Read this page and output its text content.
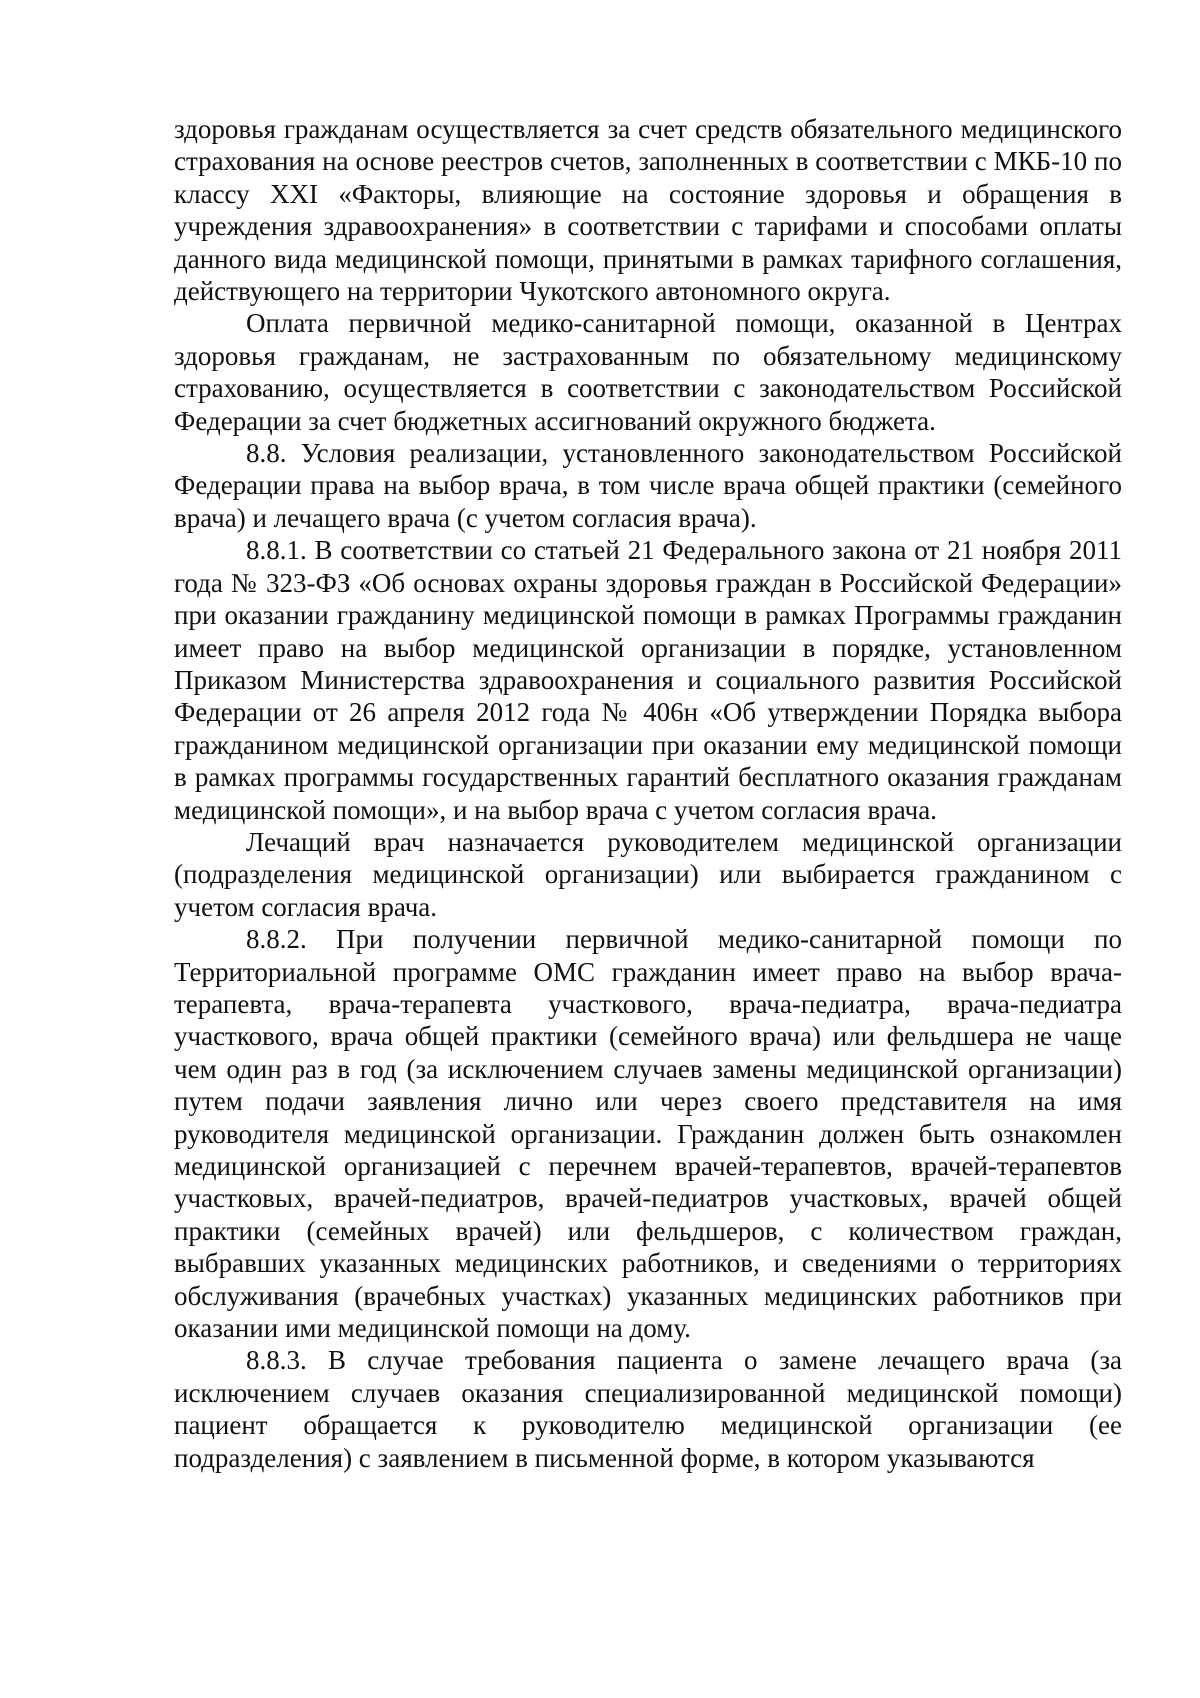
здоровья гражданам осуществляется за счет средств обязательного медицинского страхования на основе реестров счетов, заполненных в соответствии с МКБ-10 по классу XXI «Факторы, влияющие на состояние здоровья и обращения в учреждения здравоохранения» в соответствии с тарифами и способами оплаты данного вида медицинской помощи, принятыми в рамках тарифного соглашения, действующего на территории Чукотского автономного округа.

Оплата первичной медико-санитарной помощи, оказанной в Центрах здоровья гражданам, не застрахованным по обязательному медицинскому страхованию, осуществляется в соответствии с законодательством Российской Федерации за счет бюджетных ассигнований окружного бюджета.

8.8. Условия реализации, установленного законодательством Российской Федерации права на выбор врача, в том числе врача общей практики (семейного врача) и лечащего врача (с учетом согласия врача).

8.8.1. В соответствии со статьей 21 Федерального закона от 21 ноября 2011 года № 323-ФЗ «Об основах охраны здоровья граждан в Российской Федерации» при оказании гражданину медицинской помощи в рамках Программы гражданин имеет право на выбор медицинской организации в порядке, установленном Приказом Министерства здравоохранения и социального развития Российской Федерации от 26 апреля 2012 года № 406н «Об утверждении Порядка выбора гражданином медицинской организации при оказании ему медицинской помощи в рамках программы государственных гарантий бесплатного оказания гражданам медицинской помощи», и на выбор врача с учетом согласия врача.

Лечащий врач назначается руководителем медицинской организации (подразделения медицинской организации) или выбирается гражданином с учетом согласия врача.

8.8.2. При получении первичной медико-санитарной помощи по Территориальной программе ОМС гражданин имеет право на выбор врача-терапевта, врача-терапевта участкового, врача-педиатра, врача-педиатра участкового, врача общей практики (семейного врача) или фельдшера не чаще чем один раз в год (за исключением случаев замены медицинской организации) путем подачи заявления лично или через своего представителя на имя руководителя медицинской организации. Гражданин должен быть ознакомлен медицинской организацией с перечнем врачей-терапевтов, врачей-терапевтов участковых, врачей-педиатров, врачей-педиатров участковых, врачей общей практики (семейных врачей) или фельдшеров, с количеством граждан, выбравших указанных медицинских работников, и сведениями о территориях обслуживания (врачебных участках) указанных медицинских работников при оказании ими медицинской помощи на дому.

8.8.3. В случае требования пациента о замене лечащего врача (за исключением случаев оказания специализированной медицинской помощи) пациент обращается к руководителю медицинской организации (ее подразделения) с заявлением в письменной форме, в котором указываются
